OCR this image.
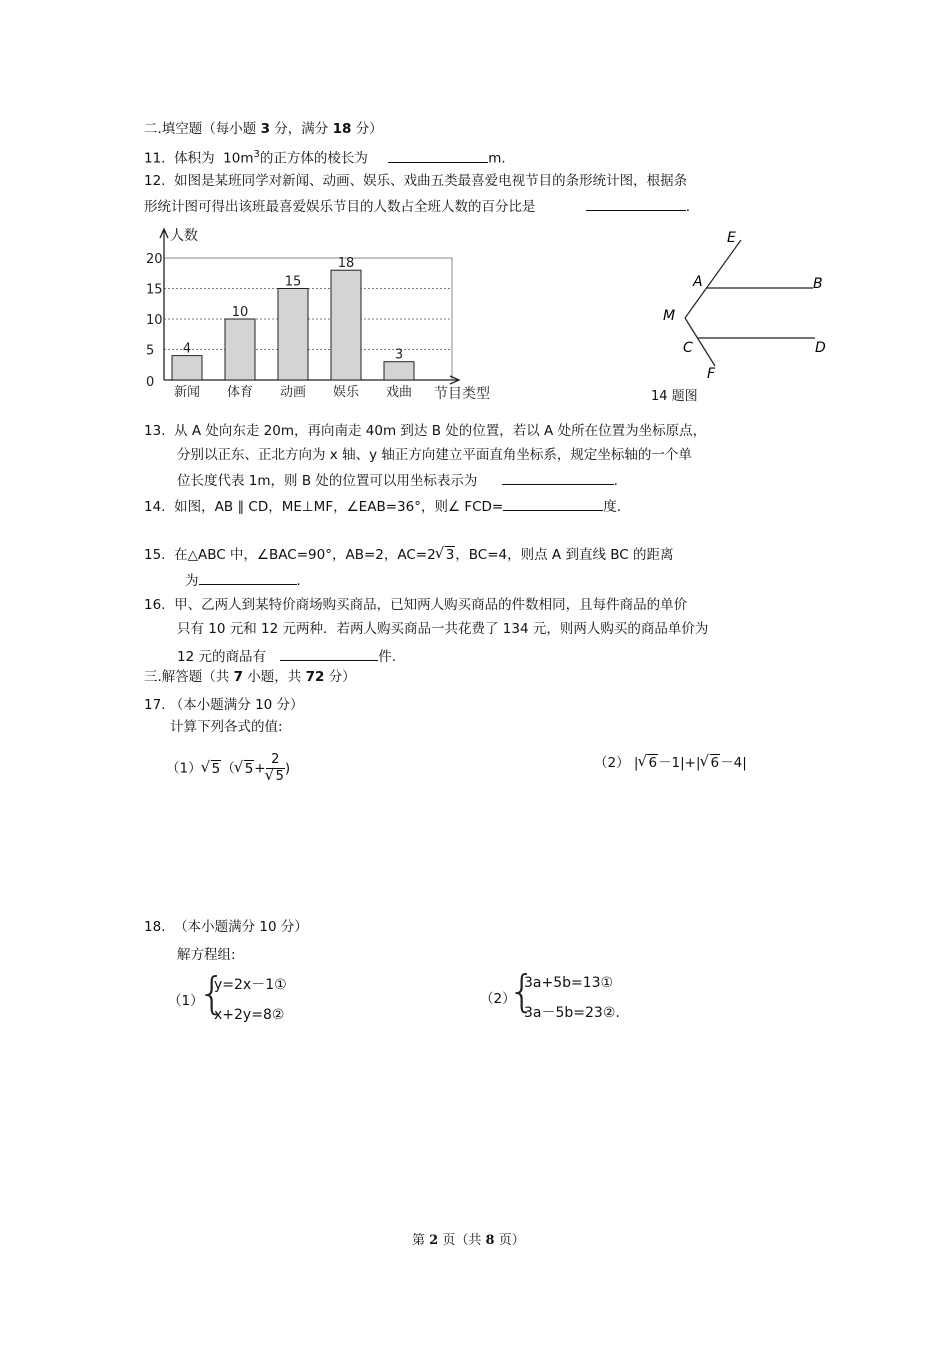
二.填空题（每小题 3 分，满分 18 分）
11. 体积为 $10m^3$的正方体的棱长为	m.
12. 如图是某班同学对新闻、动画、娱乐、戏曲五类最喜爱电视节目的条形统计图，根据条
形统计图可得出该班最喜爱娱乐节目的人数占全班人数的百分比是	.
0
5
10
15
20
人数
节目类型
4
新闻
10
体育
15
动画
18
娱乐
3
戏曲
E
A	B
M
C	D
F
14 题图
13. 从 A 处向东走 20m，再向南走 40m 到达 B 处的位置，若以 A 处所在位置为坐标原点，
分别以正东、正北方向为 x 轴、y 轴正方向建立平面直角坐标系，规定坐标轴的一个单
位长度代表 1m，则 B 处的位置可以用坐标表示为	.
14. 如图，AB ∥ CD，ME⊥MF，∠EAB=36°，则∠ FCD=	度.
15. 在△ABC 中，∠BAC=90°，AB=2，AC=2 √ 3，BC=4，则点 A 到直线 BC 的距离
为	.
16. 甲、乙两人到某特价商场购买商品，已知两人购买商品的件数相同，且每件商品的单价
只有 10 元和 12 元两种．若两人购买商品一共花费了 134 元，则两人购买的商品单价为
12 元的商品有	件.
三.解答题（共 7 小题，共 72 分）
17. （本小题满分 10 分）
计算下列各式的值:
（1） √ 5（ √ 5+ 2
√ 5 )	（2） | √ 6－1|+| √ 6－4|
18. （本小题满分 10 分）
解方程组:
（1）
{
y=2x－1①
x+2y=8②
（2）
{
3a+5b=13①
3a－5b=23②.
第 2 页（共 8 页）
